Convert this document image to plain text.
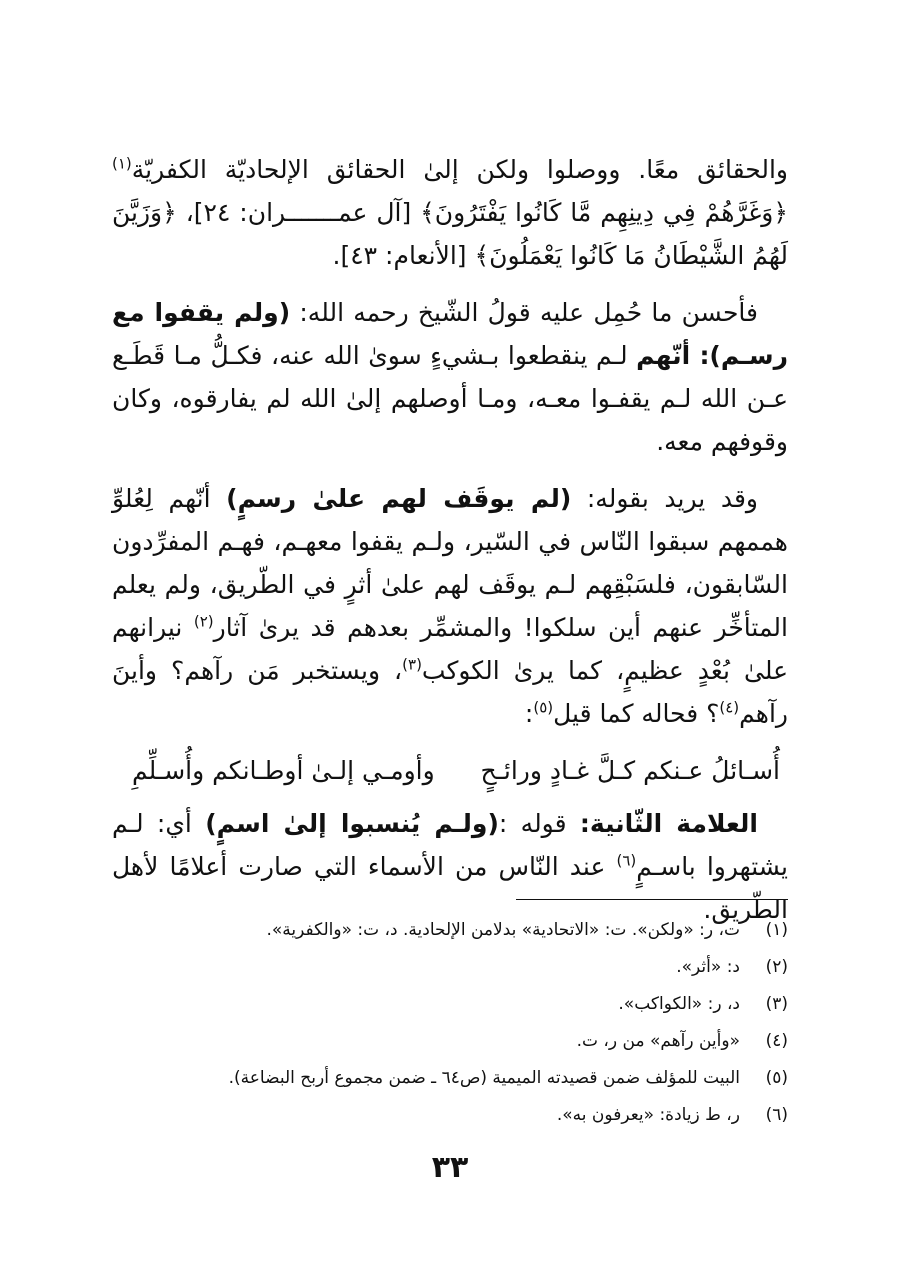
والحقائق معًا. ووصلوا ولكن إلىٰ الحقائق الإلحاديّة الكفريّة$^{(١)}$ ﴿وَغَرَّهُمْ فِي دِينِهِم مَّا كَانُوا يَفْتَرُونَ﴾ [آل عمـــــــران: ٢٤]، ﴿وَزَيَّنَ لَهُمُ الشَّيْطَانُ مَا كَانُوا يَعْمَلُونَ﴾ [الأنعام: ٤٣].

فأحسن ما حُمِل عليه قولُ الشّيخ رحمه الله: (ولم يقفوا مع رسـم): أنّهم لـم ينقطعوا بـشيءٍ سوىٰ الله عنه، فكـلُّ مـا قَطَـع عـن الله لـم يقفـوا معـه، ومـا أوصلهم إلىٰ الله لم يفارقوه، وكان وقوفهم معه.

وقد يريد بقوله: (لم يوقَف لهم علىٰ رسمٍ) أنّهم لِعُلوِّ هممهم سبقوا النّاس في السّير، ولـم يقفوا معهـم، فهـم المفرِّدون السّابقون، فلسَبْقِهم لـم يوقَف لهم علىٰ أثرٍ في الطّريق، ولم يعلم المتأخِّر عنهم أين سلكوا! والمشمِّر بعدهم قد يرىٰ آثار$^{(٢)}$ نيرانهم علىٰ بُعْدٍ عظيمٍ، كما يرىٰ الكوكب$^{(٣)}$، ويستخبر مَن رآهم؟ وأينَ رآهم$^{(٤)}$؟ فحاله كما قيل$^{(٥)}$:

أُسـائلُ عـنكم كـلَّ غـادٍ ورائـحٍ
وأومـي إلـىٰ أوطـانكم وأُسـلِّمِ

العلامة الثّانية: قوله :(ولـم يُنسبوا إلىٰ اسمٍ) أي: لـم يشتهروا باسـمٍ$^{(٦)}$ عند النّاس من الأسماء التي صارت أعلامًا لأهل الطّريق.

(١)
ت، ر: «ولكن». ت: «الاتحادية» بدلامن الإلحادية. د، ت: «والكفرية».
(٢)
د: «أثر».
(٣)
د، ر: «الكواكب».
(٤)
«وأين رآهم» من ر، ت.
(٥)
البيت للمؤلف ضمن قصيدته الميمية (ص٦٤ ـ ضمن مجموع أربح البضاعة).
(٦)
ر، ط زيادة: «يعرفون به».
٣٣
